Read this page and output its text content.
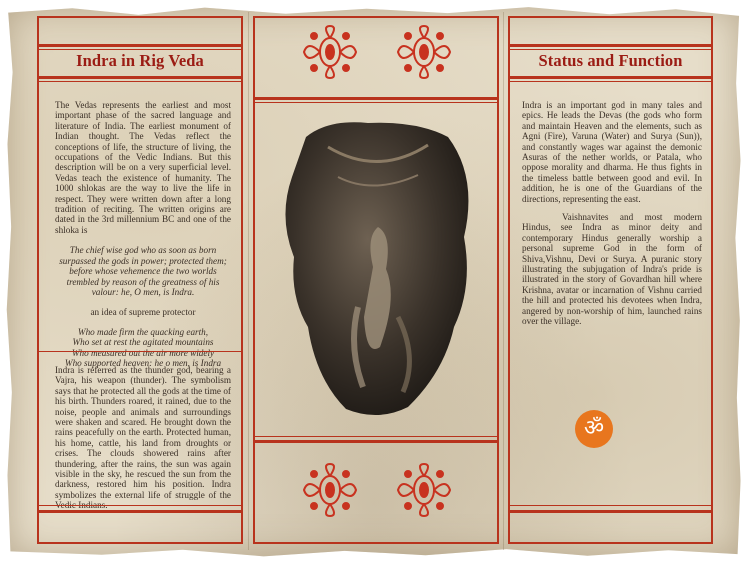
Indra in Rig Veda

The Vedas represents the earliest and most important phase of the sacred language and literature of India. The earliest monument of Indian thought. The Vedas reflect the conceptions of life, the structure of living, the occupations of the Vedic Indians. But this description will be on a very superficial level. Vedas teach the existence of humanity. The 1000 shlokas are the way to live the life in respect. They were written down after a long tradition of reciting. The written origins are dated in the 3rd millennium BC and one of the shloka is

The chief wise god who as soon as born surpassed the gods in power; protected them; before whose vehemence the two worlds trembled by reason of the greatness of his valour: he, O men, is Indra.

an idea of supreme protector

Who made firm the quacking earth,
Who set at rest the agitated mountains
Who measured out the air more widely
Who supported heaven: he o men, is Indra
Indra is referred as the thunder god, bearing a Vajra, his weapon (thunder). The symbolism says that he protected all the gods at the time of his birth. Thunders roared, it rained, due to the noise, people and animals and surroundings were shaken and scared. He brought down the rains peacefully on the earth. Protected human, his home, cattle, his land from droughts or crises. The clouds showered rains after thundering, after the rains, the sun was again visible in the sky, he rescued the sun from the darkness, restored him his position. Indra symbolizes the external life of struggle of the Vedic Indians.
Status and Function
Indra is an important god in many tales and epics. He leads the Devas (the gods who form and maintain Heaven and the elements, such as Agni (Fire), Varuna (Water) and Surya (Sun)), and constantly wages war against the demonic Asuras of the nether worlds, or Patala, who oppose morality and dharma. He thus fights in the timeless battle between good and evil. In addition, he is one of the Guardians of the directions, representing the east.
Vaishnavites and most modern Hindus, see Indra as minor deity and contemporary Hindus generally worship a personal supreme God in the form of Shiva,Vishnu, Devi or Surya. A puranic story illustrating the subjugation of Indra's pride is illustrated in the story of Govardhan hill where Krishna, avatar or incarnation of Vishnu carried the hill and protected his devotees when Indra, angered by non-worship of him, launched rains over the village.
ॐ
